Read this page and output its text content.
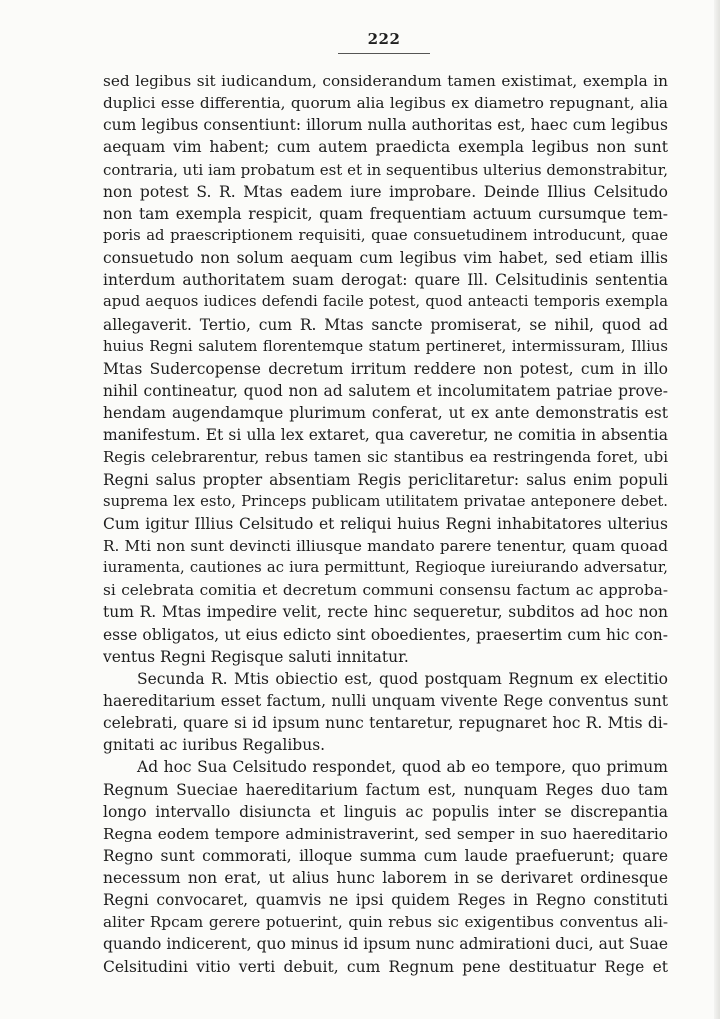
222
sed legibus sit iudicandum, considerandum tamen existimat, exempla in
duplici esse differentia, quorum alia legibus ex diametro repugnant, alia
cum legibus consentiunt: illorum nulla authoritas est, haec cum legibus
aequam vim habent; cum autem praedicta exempla legibus non sunt
contraria, uti iam probatum est et in sequentibus ulterius demonstrabitur,
non potest S. R. Mtas eadem iure improbare. Deinde Illius Celsitudo
non tam exempla respicit, quam frequentiam actuum cursumque tem-
poris ad praescriptionem requisiti, quae consuetudinem introducunt, quae
consuetudo non solum aequam cum legibus vim habet, sed etiam illis
interdum authoritatem suam derogat: quare Ill. Celsitudinis sententia
apud aequos iudices defendi facile potest, quod anteacti temporis exempla
allegaverit. Tertio, cum R. Mtas sancte promiserat, se nihil, quod ad
huius Regni salutem florentemque statum pertineret, intermissuram, Illius
Mtas Sudercopense decretum irritum reddere non potest, cum in illo
nihil contineatur, quod non ad salutem et incolumitatem patriae prove-
hendam augendamque plurimum conferat, ut ex ante demonstratis est
manifestum. Et si ulla lex extaret, qua caveretur, ne comitia in absentia
Regis celebrarentur, rebus tamen sic stantibus ea restringenda foret, ubi
Regni salus propter absentiam Regis periclitaretur: salus enim populi
suprema lex esto, Princeps publicam utilitatem privatae anteponere debet.
Cum igitur Illius Celsitudo et reliqui huius Regni inhabitatores ulterius
R. Mti non sunt devincti illiusque mandato parere tenentur, quam quoad
iuramenta, cautiones ac iura permittunt, Regioque iureiurando adversatur,
si celebrata comitia et decretum communi consensu factum ac approba-
tum R. Mtas impedire velit, recte hinc sequeretur, subditos ad hoc non
esse obligatos, ut eius edicto sint oboedientes, praesertim cum hic con-
ventus Regni Regisque saluti innitatur.
Secunda R. Mtis obiectio est, quod postquam Regnum ex electitio
haereditarium esset factum, nulli unquam vivente Rege conventus sunt
celebrati, quare si id ipsum nunc tentaretur, repugnaret hoc R. Mtis di-
gnitati ac iuribus Regalibus.
Ad hoc Sua Celsitudo respondet, quod ab eo tempore, quo primum
Regnum Sueciae haereditarium factum est, nunquam Reges duo tam
longo intervallo disiuncta et linguis ac populis inter se discrepantia
Regna eodem tempore administraverint, sed semper in suo haereditario
Regno sunt commorati, illoque summa cum laude praefuerunt; quare
necessum non erat, ut alius hunc laborem in se derivaret ordinesque
Regni convocaret, quamvis ne ipsi quidem Reges in Regno constituti
aliter Rpcam gerere potuerint, quin rebus sic exigentibus conventus ali-
quando indicerent, quo minus id ipsum nunc admirationi duci, aut Suae
Celsitudini vitio verti debuit, cum Regnum pene destituatur Rege et
